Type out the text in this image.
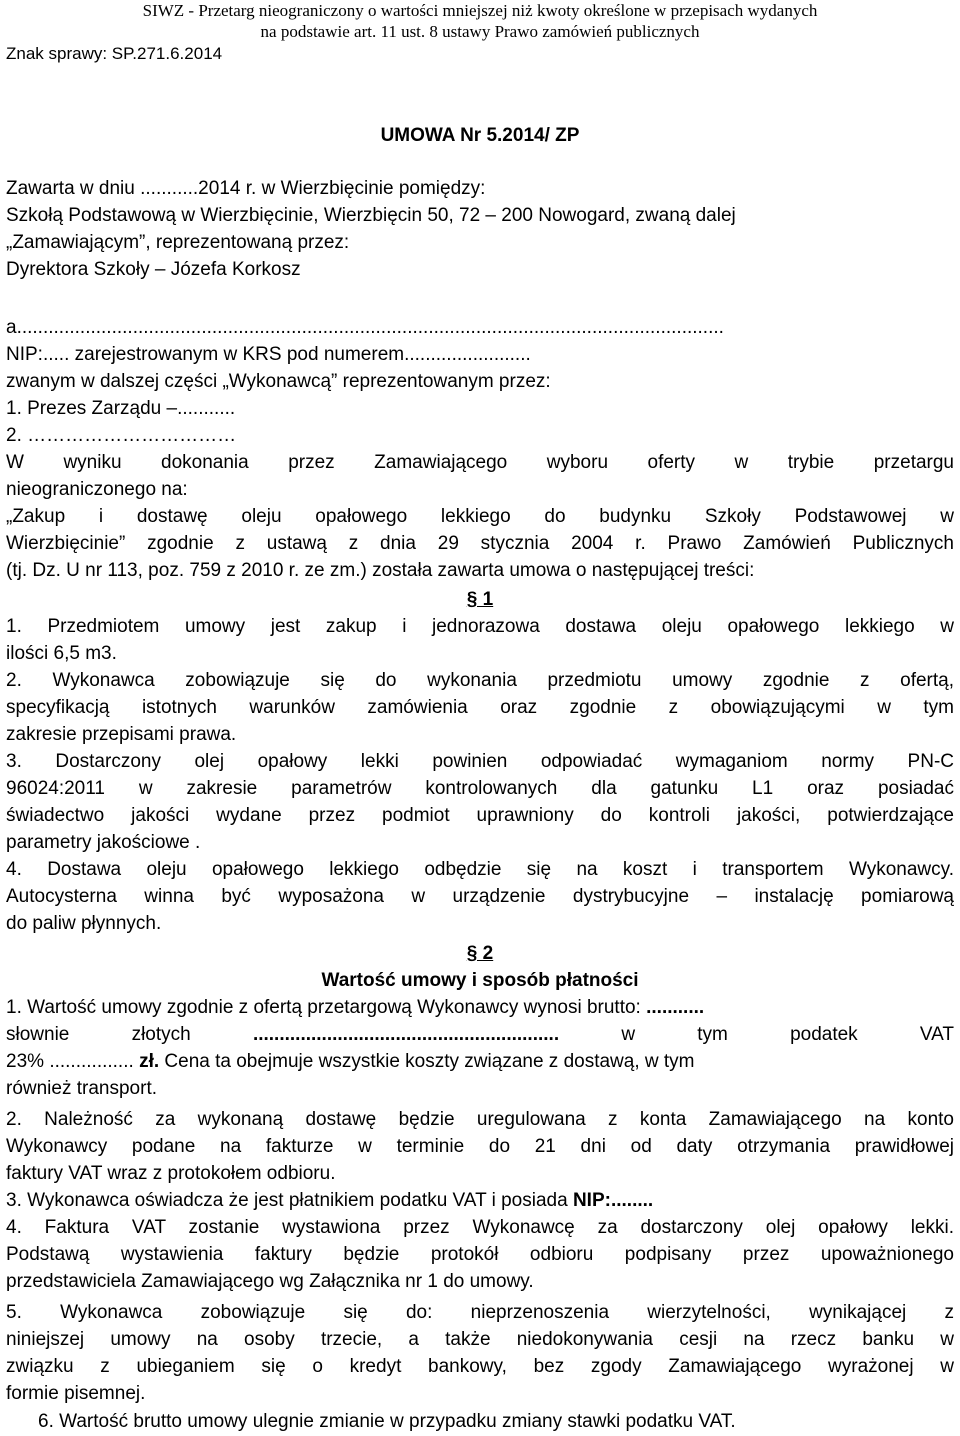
SIWZ - Przetarg nieograniczony o wartości mniejszej niż kwoty określone w przepisach wydanych
na podstawie art. 11 ust. 8 ustawy Prawo zamówień publicznych
Znak sprawy: SP.271.6.2014
UMOWA Nr 5.2014/ ZP
Zawarta w dniu ...........2014 r. w Wierzbięcinie pomiędzy:
Szkołą Podstawową w Wierzbięcinie, Wierzbięcin 50, 72 – 200 Nowogard, zwaną dalej
„Zamawiającym”, reprezentowaną przez:
Dyrektora Szkoły – Józefa Korkosz
a......................................................................................................................................
NIP:..... zarejestrowanym w KRS pod numerem........................
zwanym w dalszej części „Wykonawcą” reprezentowanym przez:
1. Prezes Zarządu –...........
2. ……………………………
W wyniku dokonania przez Zamawiającego wyboru oferty w trybie przetargu
nieograniczonego na:
„Zakup i dostawę oleju opałowego lekkiego do budynku Szkoły Podstawowej w
Wierzbięcinie” zgodnie z ustawą z dnia 29 stycznia 2004 r. Prawo Zamówień Publicznych
(tj. Dz. U nr 113, poz. 759 z 2010 r. ze zm.) została zawarta umowa o następującej treści:
§ 1
1. Przedmiotem umowy jest zakup i jednorazowa dostawa oleju opałowego lekkiego w
ilości 6,5 m3.
2. Wykonawca zobowiązuje się do wykonania przedmiotu umowy zgodnie z ofertą,
specyfikacją istotnych warunków zamówienia oraz zgodnie z obowiązującymi w tym
zakresie przepisami prawa.
3. Dostarczony olej opałowy lekki powinien odpowiadać wymaganiom normy PN-C
96024:2011 w zakresie parametrów kontrolowanych dla gatunku L1 oraz posiadać
świadectwo jakości wydane przez podmiot uprawniony do kontroli jakości, potwierdzające
parametry jakościowe .
4. Dostawa oleju opałowego lekkiego odbędzie się na koszt i transportem Wykonawcy.
Autocysterna winna być wyposażona w urządzenie dystrybucyjne – instalację pomiarową
do paliw płynnych.
§ 2
Wartość umowy i sposób płatności
1. Wartość umowy zgodnie z ofertą przetargową Wykonawcy wynosi brutto: ...........
słownie złotych	..........................................................	w tym podatek VAT
23% ................ zł. Cena ta obejmuje wszystkie koszty związane z dostawą, w tym
również transport.
2. Należność za wykonaną dostawę będzie uregulowana z konta Zamawiającego na konto
Wykonawcy podane na fakturze w terminie do 21 dni od daty otrzymania prawidłowej
faktury VAT wraz z protokołem odbioru.
3. Wykonawca oświadcza że jest płatnikiem podatku VAT i posiada NIP:........
4. Faktura VAT zostanie wystawiona przez Wykonawcę za dostarczony olej opałowy lekki.
Podstawą wystawienia faktury będzie protokół odbioru podpisany przez upoważnionego
przedstawiciela Zamawiającego wg Załącznika nr 1 do umowy.
5. Wykonawca zobowiązuje się do: nieprzenoszenia wierzytelności, wynikającej z
niniejszej umowy na osoby trzecie, a także niedokonywania cesji na rzecz banku w
związku z ubieganiem się o kredyt bankowy, bez zgody Zamawiającego wyrażonej w
formie pisemnej.
6. Wartość brutto umowy ulegnie zmianie w przypadku zmiany stawki podatku VAT.
